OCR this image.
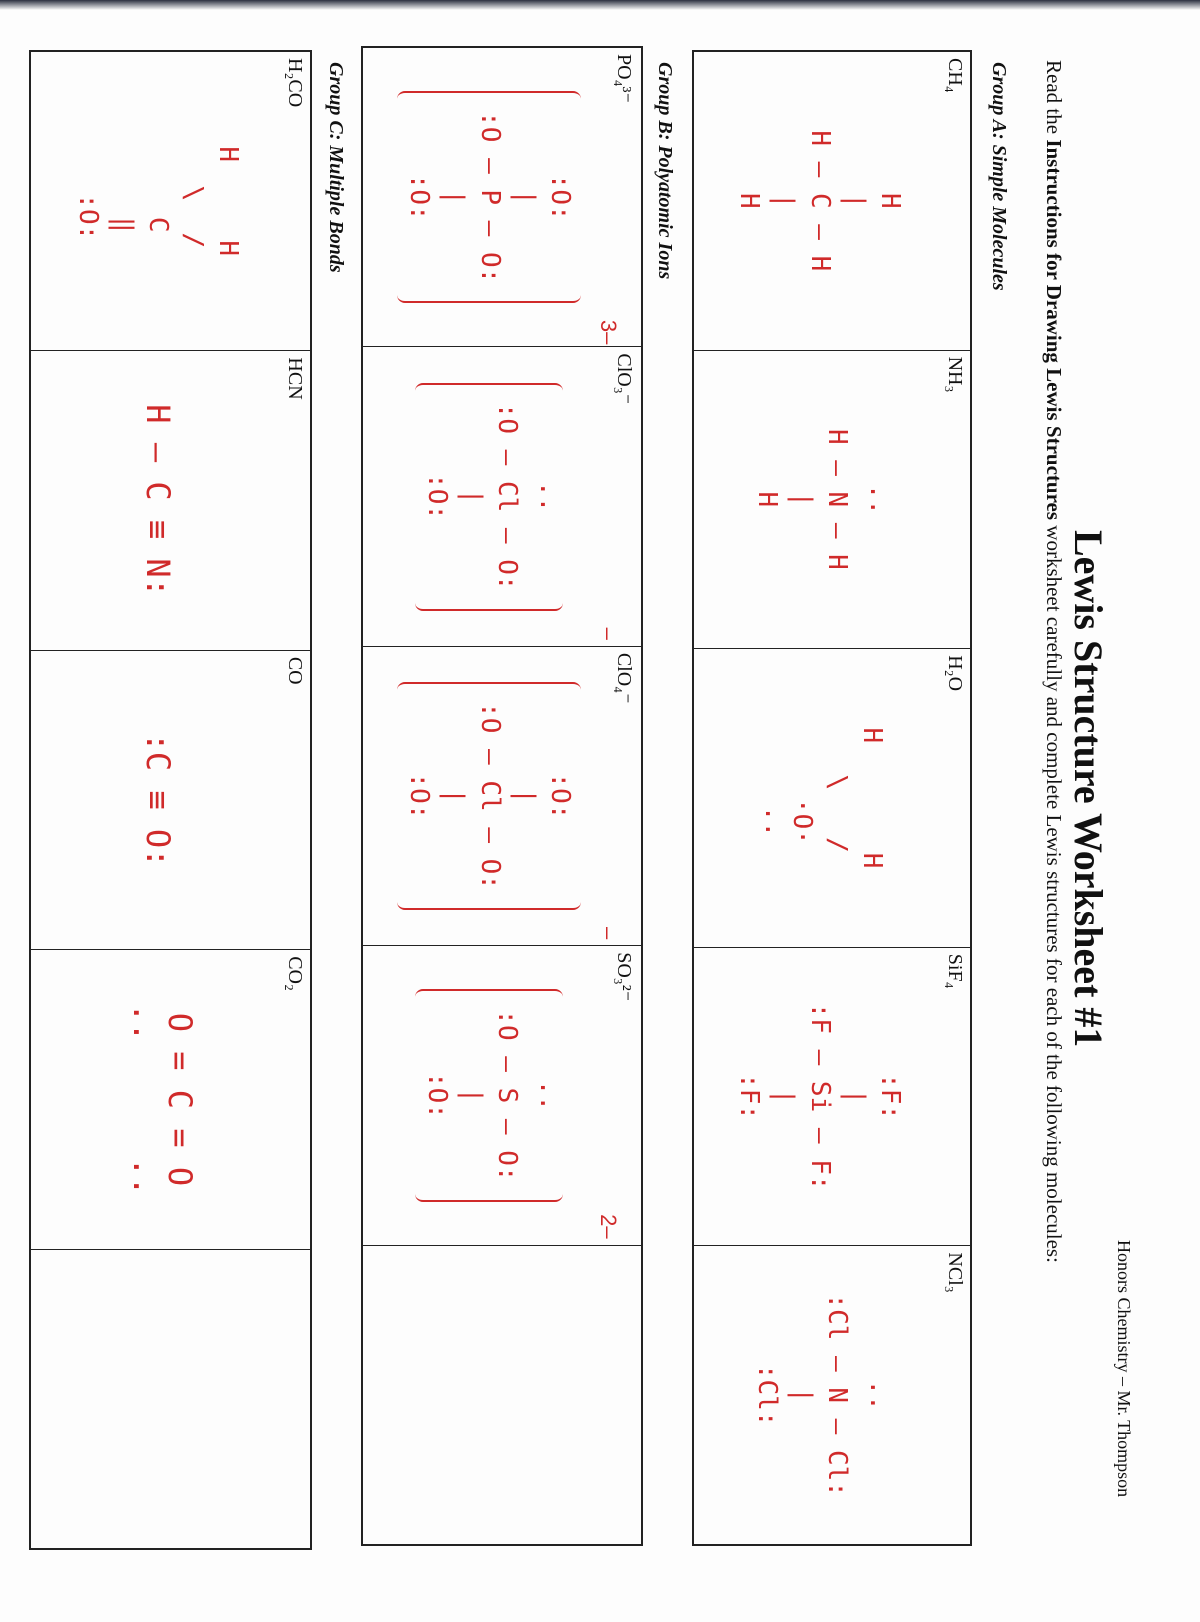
Honors Chemistry – Mr. Thompson
Lewis Structure Worksheet #1
Read the Instructions for Drawing Lewis Structures worksheet carefully and complete Lewis structures for each of the following molecules:
Group A: Simple Molecules
CH₄
H
|
H – C – H
|
H
NH₃
··
H – N – H
|
H
H₂O
H       H
\   /
·O·
··
SiF₄
:F:
|
:F – Si – F:
|
:F:
NCl₃
··
:Cl – N – Cl:
|
:Cl:
Group B: Polyatomic Ions
PO₄³⁻
:O:
|
:O – P – O:
|
:O:
3–
ClO₃⁻
··
:O – Cl – O:
|
:O:
–
ClO₄⁻
:O:
|
:O – Cl – O:
|
:O:
–
SO₃²⁻
··
:O – S – O:
|
:O:
2–
Group C: Multiple Bonds
H₂CO
H     H
\  /
C
‖
:O:
HCN
H – C ≡ N:
CO
:C ≡ O:
CO₂
O = C = O
··      ··
